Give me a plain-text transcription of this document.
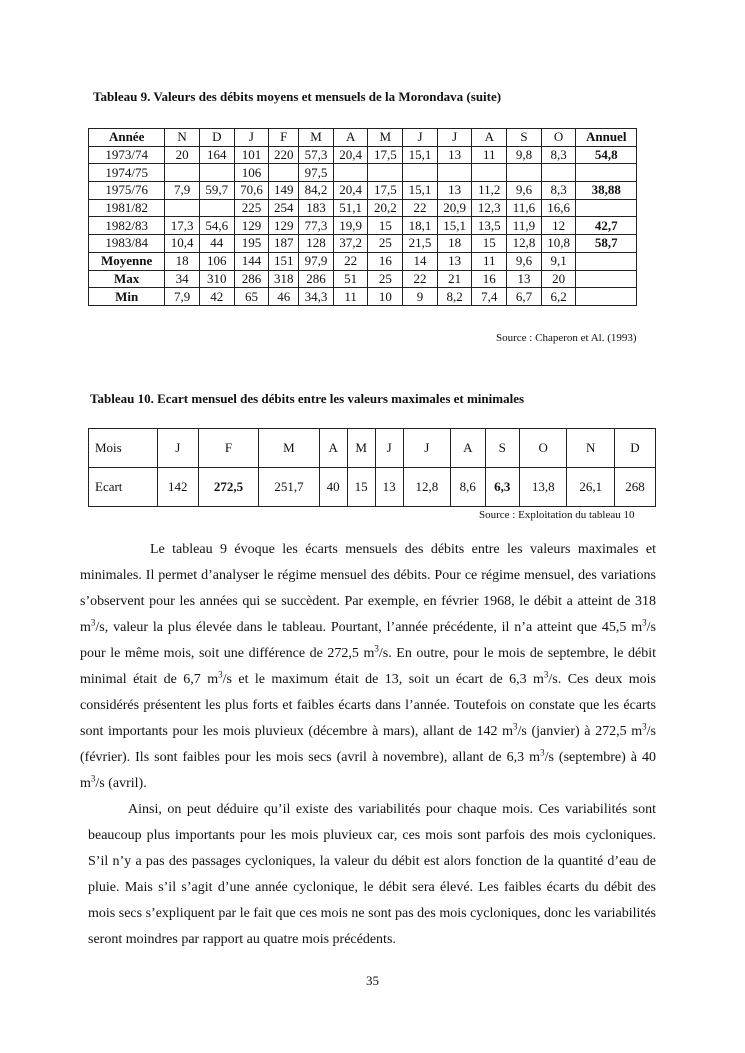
Tableau 9. Valeurs des débits moyens et mensuels de la Morondava (suite)
Année	N	D	J	F	M	A	M	J	J	A	S	O	Annuel
1973/74	20	164	101	220	57,3	20,4	17,5	15,1	13	11	9,8	8,3	54,8
1974/75			106		97,5								
1975/76	7,9	59,7	70,6	149	84,2	20,4	17,5	15,1	13	11,2	9,6	8,3	38,88
1981/82			225	254	183	51,1	20,2	22	20,9	12,3	11,6	16,6	
1982/83	17,3	54,6	129	129	77,3	19,9	15	18,1	15,1	13,5	11,9	12	42,7
1983/84	10,4	44	195	187	128	37,2	25	21,5	18	15	12,8	10,8	58,7
Moyenne	18	106	144	151	97,9	22	16	14	13	11	9,6	9,1	
Max	34	310	286	318	286	51	25	22	21	16	13	20	
Min	7,9	42	65	46	34,3	11	10	9	8,2	7,4	6,7	6,2	
Source : Chaperon et Al. (1993)
Tableau 10. Ecart mensuel des débits entre les valeurs maximales et minimales
Mois	J	F	M	A	M	J	J	A	S	O	N	D
Ecart	142	272,5	251,7	40	15	13	12,8	8,6	6,3	13,8	26,1	268
Source : Exploitation du tableau 10
Le tableau 9 évoque les écarts mensuels des débits entre les valeurs maximales et minimales. Il permet d’analyser le régime mensuel des débits. Pour ce régime mensuel, des variations s’observent pour les années qui se succèdent. Par exemple, en février 1968, le débit a atteint de 318 $m^3/s$, valeur la plus élevée dans le tableau. Pourtant, l’année précédente, il n’a atteint que 45,5 $m^3/s$ pour le même mois, soit une différence de 272,5 $m^3/s$. En outre, pour le mois de septembre, le débit minimal était de 6,7 $m^3/s$ et le maximum était de 13, soit un écart de 6,3 $m^3/s$. Ces deux mois considérés présentent les plus forts et faibles écarts dans l’année. Toutefois on constate que les écarts sont importants pour les mois pluvieux (décembre à mars), allant de 142 $m^3/s$ (janvier) à 272,5 $m^3/s$ (février). Ils sont faibles pour les mois secs (avril à novembre), allant de 6,3 $m^3/s$ (septembre) à 40 $m^3/s$ (avril).
Ainsi, on peut déduire qu’il existe des variabilités pour chaque mois. Ces variabilités sont beaucoup plus importants pour les mois pluvieux car, ces mois sont parfois des mois cycloniques. S’il n’y a pas des passages cycloniques, la valeur du débit est alors fonction de la quantité d’eau de pluie. Mais s’il s’agit d’une année cyclonique, le débit sera élevé. Les faibles écarts du débit des mois secs s’expliquent par le fait que ces mois ne sont pas des mois cycloniques, donc les variabilités seront moindres par rapport au quatre mois précédents.
35
